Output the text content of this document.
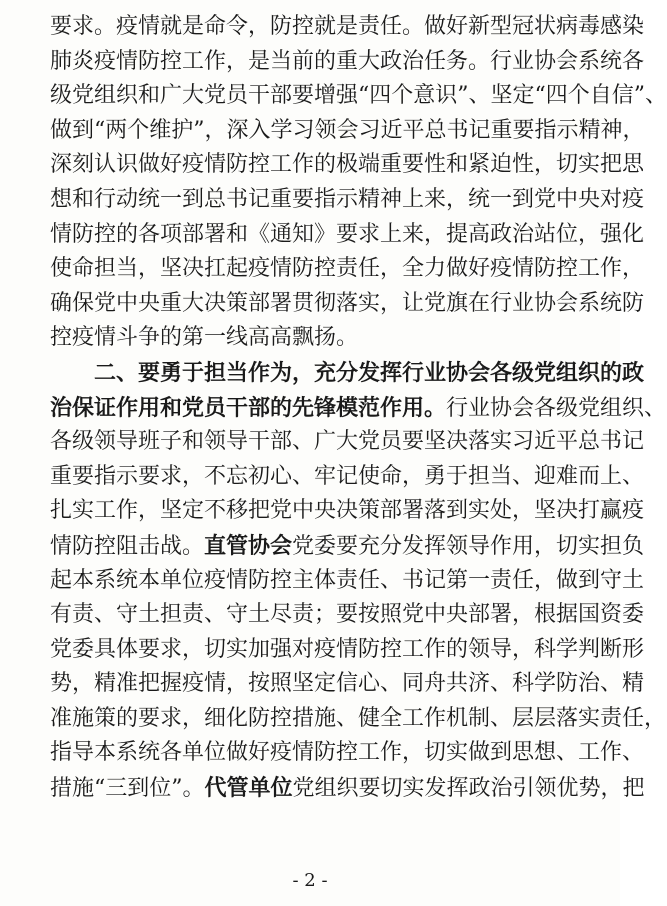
要求。疫情就是命令，防控就是责任。做好新型冠状病毒感染
肺炎疫情防控工作，是当前的重大政治任务。行业协会系统各
级党组织和广大党员干部要增强“四个意识”、坚定“四个自信”、
做到“两个维护”，深入学习领会习近平总书记重要指示精神，
深刻认识做好疫情防控工作的极端重要性和紧迫性，切实把思
想和行动统一到总书记重要指示精神上来，统一到党中央对疫
情防控的各项部署和《通知》要求上来，提高政治站位，强化
使命担当，坚决扛起疫情防控责任，全力做好疫情防控工作，
确保党中央重大决策部署贯彻落实，让党旗在行业协会系统防
控疫情斗争的第一线高高飘扬。
二、要勇于担当作为，充分发挥行业协会各级党组织的政
治保证作用和党员干部的先锋模范作用。行业协会各级党组织、
各级领导班子和领导干部、广大党员要坚决落实习近平总书记
重要指示要求，不忘初心、牢记使命，勇于担当、迎难而上、
扎实工作，坚定不移把党中央决策部署落到实处，坚决打赢疫
情防控阻击战。直管协会党委要充分发挥领导作用，切实担负
起本系统本单位疫情防控主体责任、书记第一责任，做到守土
有责、守土担责、守土尽责；要按照党中央部署，根据国资委
党委具体要求，切实加强对疫情防控工作的领导，科学判断形
势，精准把握疫情，按照坚定信心、同舟共济、科学防治、精
准施策的要求，细化防控措施、健全工作机制、层层落实责任，
指导本系统各单位做好疫情防控工作，切实做到思想、工作、
措施“三到位”。代管单位党组织要切实发挥政治引领优势，把
- 2 -
